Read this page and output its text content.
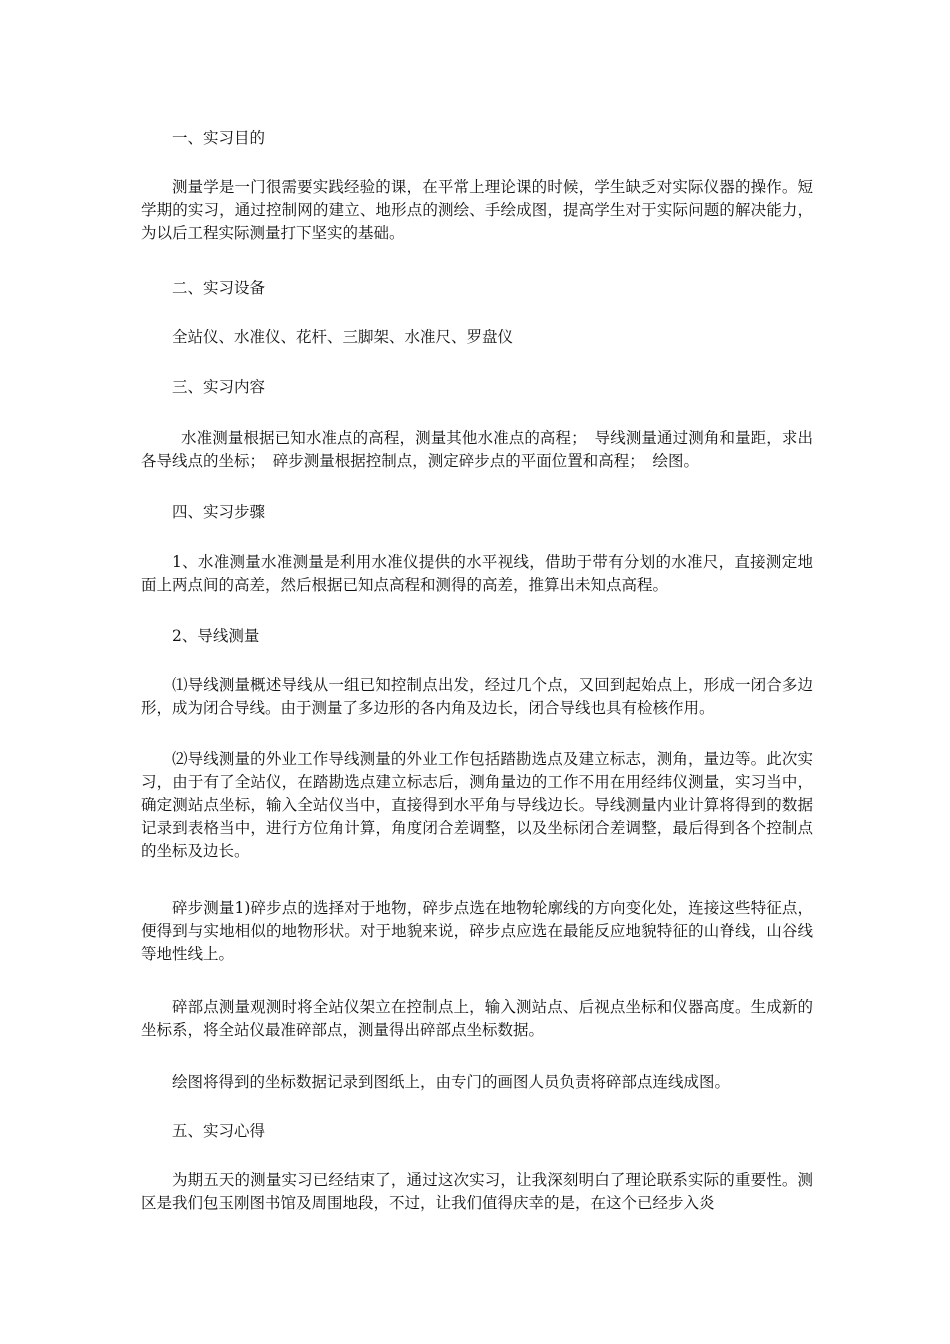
一、实习目的

测量学是一门很需要实践经验的课，在平常上理论课的时候，学生缺乏对实际仪器的操作。短学期的实习，通过控制网的建立、地形点的测绘、手绘成图，提高学生对于实际问题的解决能力，为以后工程实际测量打下坚实的基础。

二、实习设备

全站仪、水准仪、花杆、三脚架、水准尺、罗盘仪

三、实习内容

水准测量根据已知水准点的高程，测量其他水准点的高程；　导线测量通过测角和量距，求出各导线点的坐标；　碎步测量根据控制点，测定碎步点的平面位置和高程；　绘图。

四、实习步骤

1、水准测量水准测量是利用水准仪提供的水平视线，借助于带有分划的水准尺，直接测定地面上两点间的高差，然后根据已知点高程和测得的高差，推算出未知点高程。

2、导线测量

⑴导线测量概述导线从一组已知控制点出发，经过几个点，又回到起始点上，形成一闭合多边形，成为闭合导线。由于测量了多边形的各内角及边长，闭合导线也具有检核作用。

⑵导线测量的外业工作导线测量的外业工作包括踏勘选点及建立标志，测角，量边等。此次实习，由于有了全站仪，在踏勘选点建立标志后，测角量边的工作不用在用经纬仪测量，实习当中，确定测站点坐标，输入全站仪当中，直接得到水平角与导线边长。导线测量内业计算将得到的数据记录到表格当中，进行方位角计算，角度闭合差调整，以及坐标闭合差调整，最后得到各个控制点的坐标及边长。

碎步测量1)碎步点的选择对于地物，碎步点选在地物轮廓线的方向变化处，连接这些特征点，便得到与实地相似的地物形状。对于地貌来说，碎步点应选在最能反应地貌特征的山脊线，山谷线等地性线上。

碎部点测量观测时将全站仪架立在控制点上，输入测站点、后视点坐标和仪器高度。生成新的坐标系，将全站仪最准碎部点，测量得出碎部点坐标数据。

绘图将得到的坐标数据记录到图纸上，由专门的画图人员负责将碎部点连线成图。

五、实习心得

为期五天的测量实习已经结束了，通过这次实习，让我深刻明白了理论联系实际的重要性。测区是我们包玉刚图书馆及周围地段，不过，让我们值得庆幸的是，在这个已经步入炎
